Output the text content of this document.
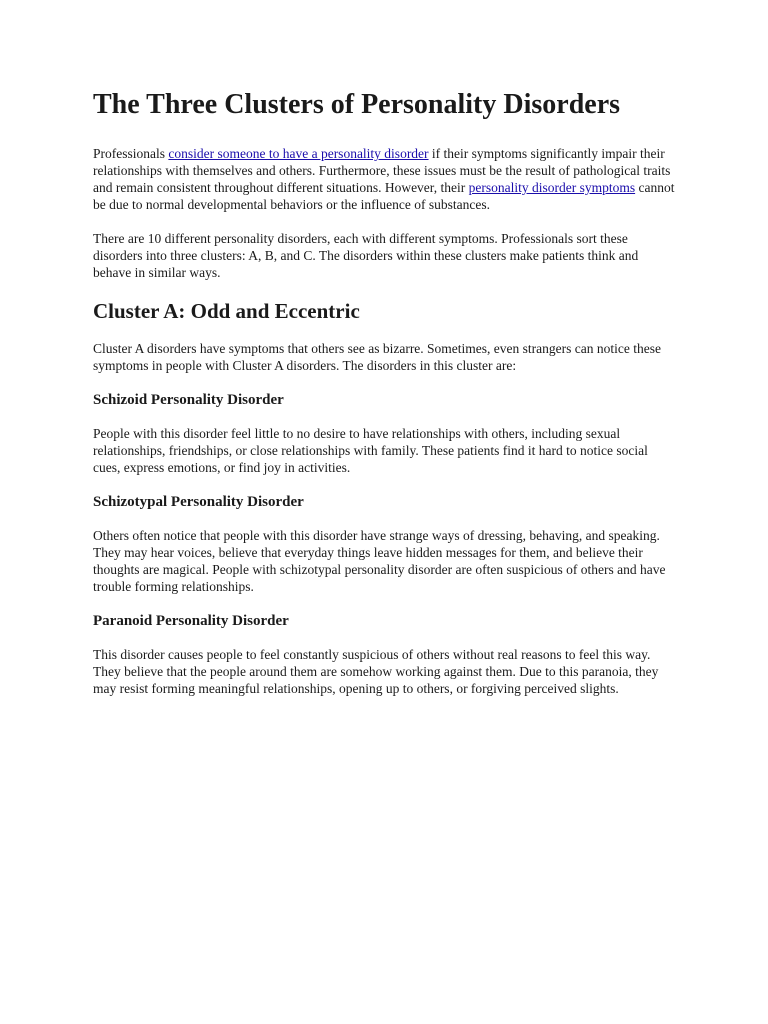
The Three Clusters of Personality Disorders

Professionals consider someone to have a personality disorder if their symptoms significantly impair their relationships with themselves and others. Furthermore, these issues must be the result of pathological traits and remain consistent throughout different situations. However, their personality disorder symptoms cannot be due to normal developmental behaviors or the influence of substances.

There are 10 different personality disorders, each with different symptoms. Professionals sort these disorders into three clusters: A, B, and C. The disorders within these clusters make patients think and behave in similar ways.

Cluster A: Odd and Eccentric

Cluster A disorders have symptoms that others see as bizarre. Sometimes, even strangers can notice these symptoms in people with Cluster A disorders. The disorders in this cluster are:

Schizoid Personality Disorder

People with this disorder feel little to no desire to have relationships with others, including sexual relationships, friendships, or close relationships with family. These patients find it hard to notice social cues, express emotions, or find joy in activities.

Schizotypal Personality Disorder

Others often notice that people with this disorder have strange ways of dressing, behaving, and speaking. They may hear voices, believe that everyday things leave hidden messages for them, and believe their thoughts are magical. People with schizotypal personality disorder are often suspicious of others and have trouble forming relationships.

Paranoid Personality Disorder

This disorder causes people to feel constantly suspicious of others without real reasons to feel this way. They believe that the people around them are somehow working against them. Due to this paranoia, they may resist forming meaningful relationships, opening up to others, or forgiving perceived slights.
